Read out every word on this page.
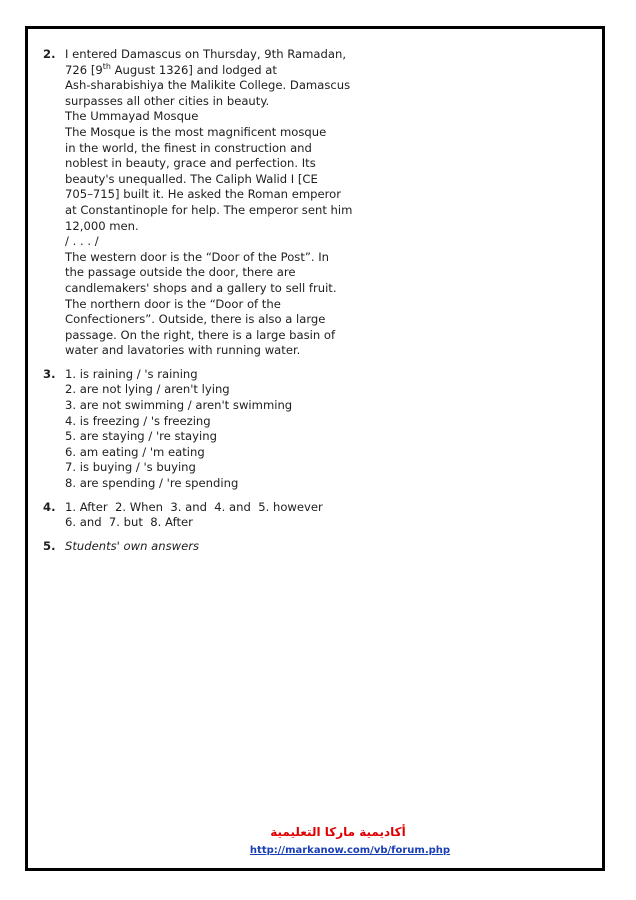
2. I entered Damascus on Thursday, 9th Ramadan,
726 [9th August 1326] and lodged at
Ash-sharabishiya the Malikite College. Damascus
surpasses all other cities in beauty.
The Ummayad Mosque
The Mosque is the most magnificent mosque
in the world, the finest in construction and
noblest in beauty, grace and perfection. Its
beauty's unequalled. The Caliph Walid I [CE
705–715] built it. He asked the Roman emperor
at Constantinople for help. The emperor sent him
12,000 men.
/ . . . /
The western door is the “Door of the Post”. In
the passage outside the door, there are
candlemakers' shops and a gallery to sell fruit.
The northern door is the “Door of the
Confectioners”. Outside, there is also a large
passage. On the right, there is a large basin of
water and lavatories with running water.
3. 1. is raining / 's raining
2. are not lying / aren't lying
3. are not swimming / aren't swimming
4. is freezing / 's freezing
5. are staying / 're staying
6. am eating / 'm eating
7. is buying / 's buying
8. are spending / 're spending
4. 1. After  2. When  3. and  4. and  5. however
6. and  7. but  8. After
5. Students' own answers
أكاديمية ماركا التعليمية
http://markanow.com/vb/forum.php
